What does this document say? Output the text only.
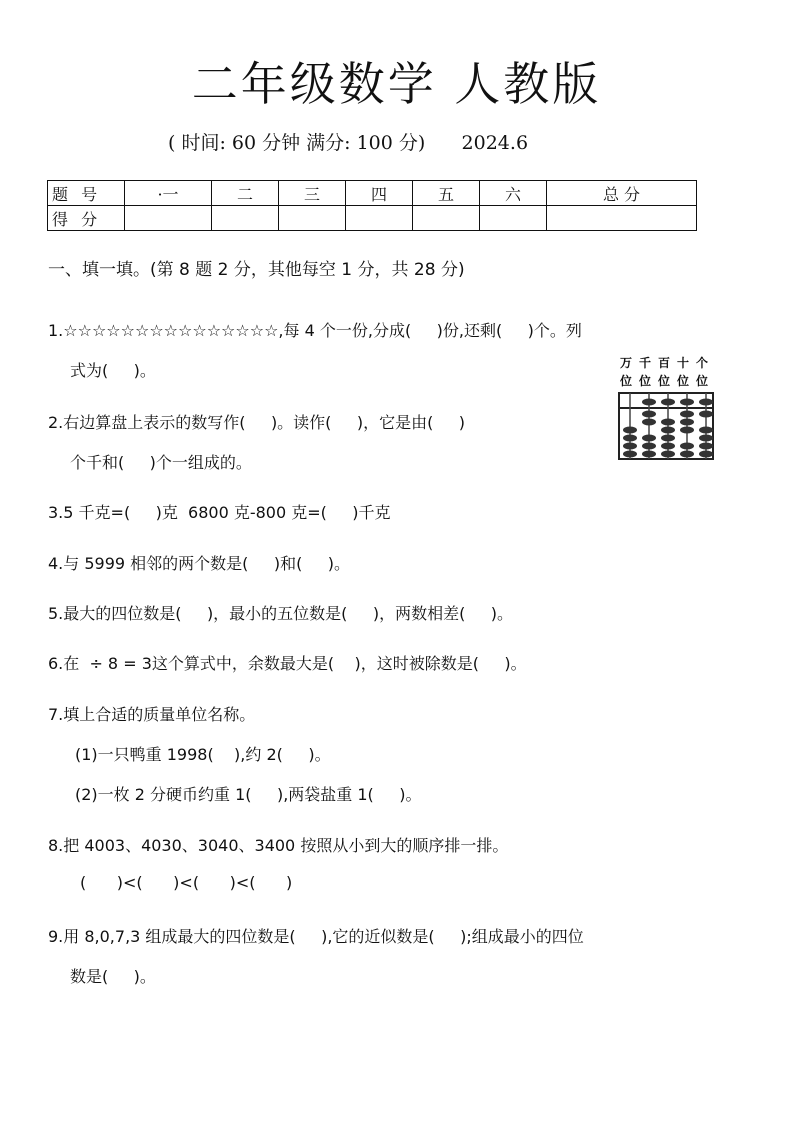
二年级数学 人教版
( 时间: 60 分钟 满分: 100 分)      2024.6
题 号	·一	二	三	四	五	六	总 分
得 分							
一、填一填。(第 8 题 2 分，其他每空 1 分，共 28 分)
1.☆☆☆☆☆☆☆☆☆☆☆☆☆☆☆,每 4 个一份,分成(     )份,还剩(     )个。列
式为(     )。
2.右边算盘上表示的数写作(     )。读作(     )，它是由(     )
个千和(     )个一组成的。
万 千 百 十 个
位 位 位 位 位
3.5 千克=(     )克  6800 克-800 克=(     )千克
4.与 5999 相邻的两个数是(     )和(     )。
5.最大的四位数是(     )，最小的五位数是(     )，两数相差(     )。
6.在  ÷ 8 = 3这个算式中，余数最大是(    )，这时被除数是(     )。
7.填上合适的质量单位名称。
(1)一只鸭重 1998(    ),约 2(     )。
(2)一枚 2 分硬币约重 1(     ),两袋盐重 1(     )。
8.把 4003、4030、3040、3400 按照从小到大的顺序排一排。
(      )<(      )<(      )<(      )
9.用 8,0,7,3 组成最大的四位数是(     ),它的近似数是(     );组成最小的四位
数是(     )。
